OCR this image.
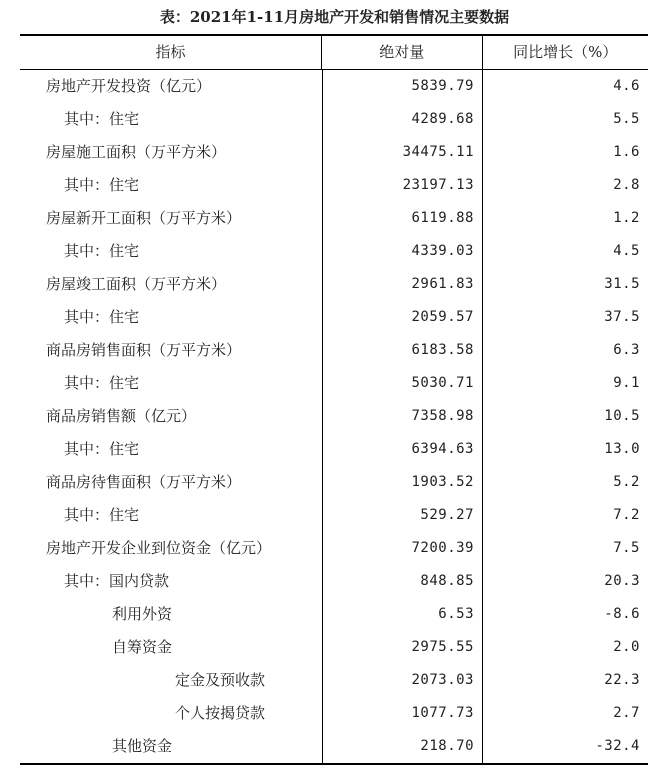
表：2021年1-11月房地产开发和销售情况主要数据
指标	绝对量	同比增长（%）
房地产开发投资（亿元）	5839.79	4.6
其中：住宅	4289.68	5.5
房屋施工面积（万平方米）	34475.11	1.6
其中：住宅	23197.13	2.8
房屋新开工面积（万平方米）	6119.88	1.2
其中：住宅	4339.03	4.5
房屋竣工面积（万平方米）	2961.83	31.5
其中：住宅	2059.57	37.5
商品房销售面积（万平方米）	6183.58	6.3
其中：住宅	5030.71	9.1
商品房销售额（亿元）	7358.98	10.5
其中：住宅	6394.63	13.0
商品房待售面积（万平方米）	1903.52	5.2
其中：住宅	529.27	7.2
房地产开发企业到位资金（亿元）	7200.39	7.5
其中：国内贷款	848.85	20.3
利用外资	6.53	-8.6
自筹资金	2975.55	2.0
定金及预收款	2073.03	22.3
个人按揭贷款	1077.73	2.7
其他资金	218.70	-32.4
